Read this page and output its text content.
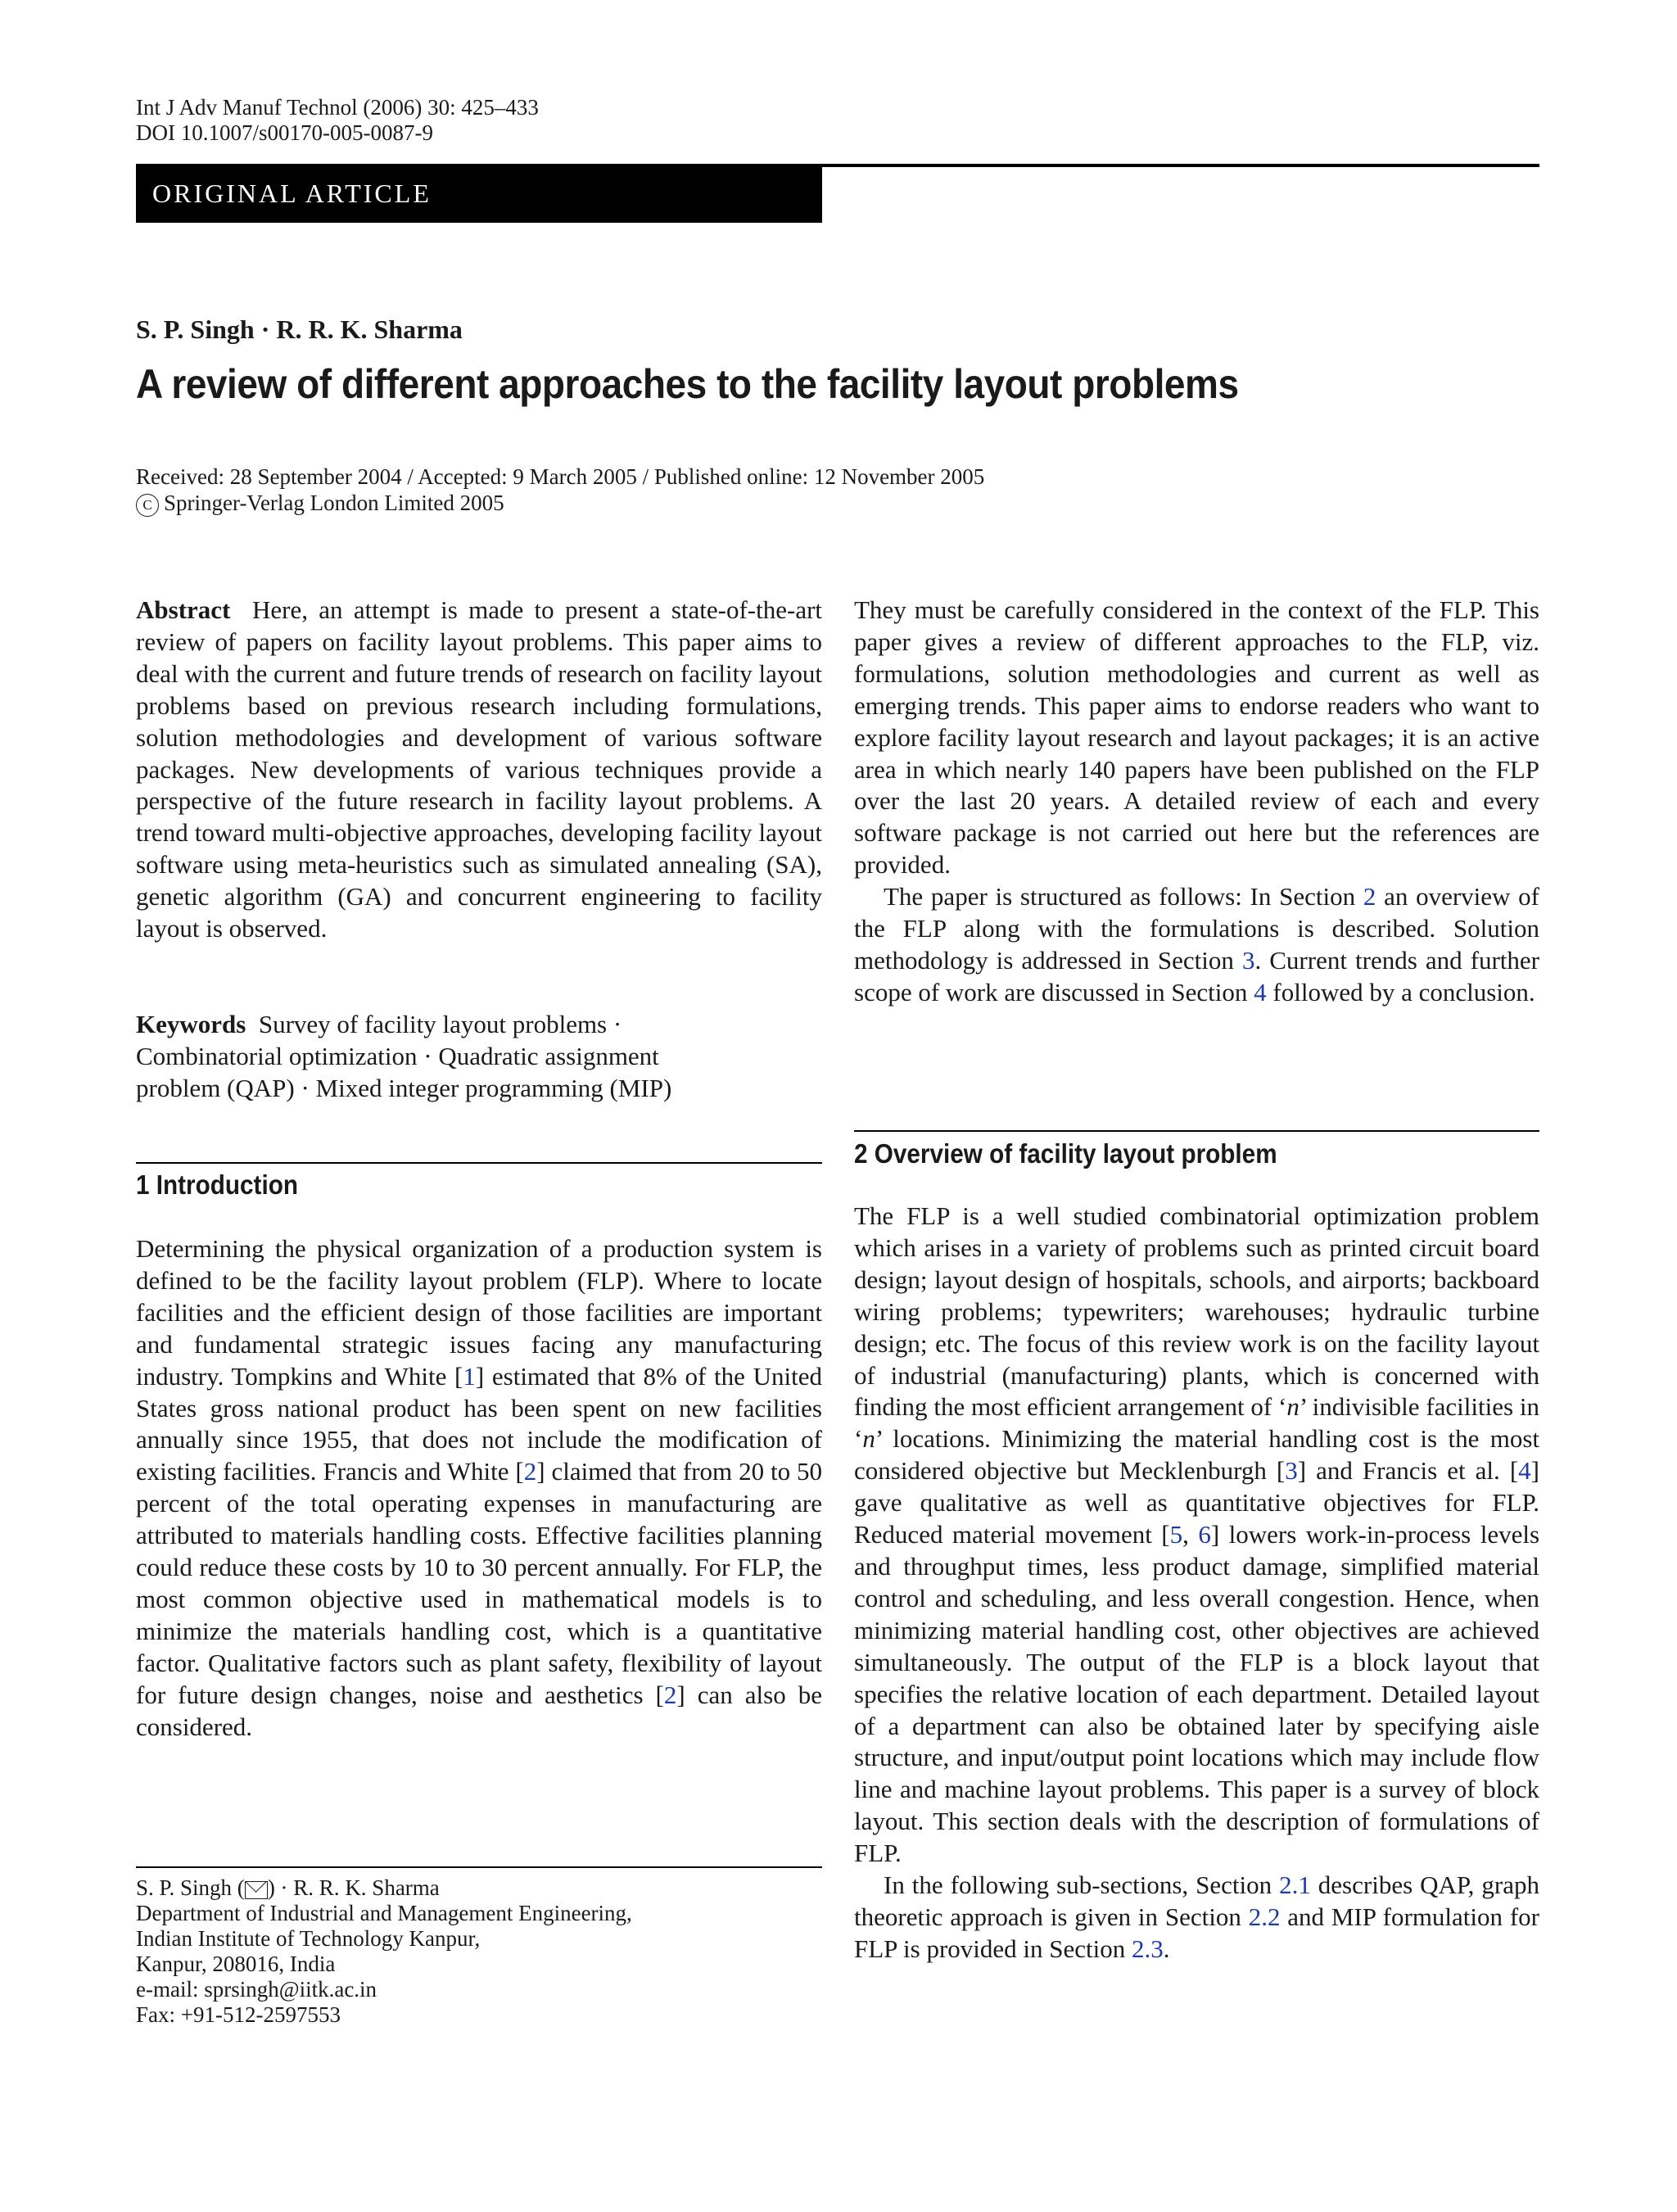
Int J Adv Manuf Technol (2006) 30: 425–433
DOI 10.1007/s00170-005-0087-9
ORIGINAL ARTICLE
S. P. Singh · R. R. K. Sharma
A review of different approaches to the facility layout problems
Received: 28 September 2004 / Accepted: 9 March 2005 / Published online: 12 November 2005
C Springer-Verlag London Limited 2005

Abstract Here, an attempt is made to present a state-of-the-art review of papers on facility layout problems. This paper aims to deal with the current and future trends of research on facility layout problems based on previous research including formulations, solution methodologies and development of various software packages. New developments of various techniques provide a perspective of the future research in facility layout problems. A trend toward multi-objective approaches, developing facility layout software using meta-heuristics such as simulated annealing (SA), genetic algorithm (GA) and concurrent engineering to facility layout is observed.

Keywords Survey of facility layout problems ·
Combinatorial optimization · Quadratic assignment
problem (QAP) · Mixed integer programming (MIP)
1 Introduction

Determining the physical organization of a production system is defined to be the facility layout problem (FLP). Where to locate facilities and the efficient design of those facilities are important and fundamental strategic issues facing any manufacturing industry. Tompkins and White [1] estimated that 8% of the United States gross national product has been spent on new facilities annually since 1955, that does not include the modification of existing facilities. Francis and White [2] claimed that from 20 to 50 percent of the total operating expenses in manufacturing are attributed to materials handling costs. Effective facilities planning could reduce these costs by 10 to 30 percent annually. For FLP, the most common objective used in mathematical models is to minimize the materials handling cost, which is a quantitative factor. Qualitative factors such as plant safety, flexibility of layout for future design changes, noise and aesthetics [2] can also be considered.

S. P. Singh ( ) · R. R. K. Sharma
Department of Industrial and Management Engineering,
Indian Institute of Technology Kanpur,
Kanpur, 208016, India
e-mail: sprsingh@iitk.ac.in
Fax: +91-512-2597553

They must be carefully considered in the context of the FLP. This paper gives a review of different approaches to the FLP, viz. formulations, solution methodologies and current as well as emerging trends. This paper aims to endorse readers who want to explore facility layout research and layout packages; it is an active area in which nearly 140 papers have been published on the FLP over the last 20 years. A detailed review of each and every software package is not carried out here but the references are provided.

The paper is structured as follows: In Section 2 an overview of the FLP along with the formulations is described. Solution methodology is addressed in Section 3. Current trends and further scope of work are discussed in Section 4 followed by a conclusion.

2 Overview of facility layout problem

The FLP is a well studied combinatorial optimization problem which arises in a variety of problems such as printed circuit board design; layout design of hospitals, schools, and airports; backboard wiring problems; typewriters; warehouses; hydraulic turbine design; etc. The focus of this review work is on the facility layout of industrial (manufacturing) plants, which is concerned with finding the most efficient arrangement of ‘n’ indivisible facilities in ‘n’ locations. Minimizing the material handling cost is the most considered objective but Mecklenburgh [3] and Francis et al. [4] gave qualitative as well as quantitative objectives for FLP. Reduced material movement [5, 6] lowers work-in-process levels and throughput times, less product damage, simplified material control and scheduling, and less overall congestion. Hence, when minimizing material handling cost, other objectives are achieved simultaneously. The output of the FLP is a block layout that specifies the relative location of each department. Detailed layout of a department can also be obtained later by specifying aisle structure, and input/output point locations which may include flow line and machine layout problems. This paper is a survey of block layout. This section deals with the description of formulations of FLP.

In the following sub-sections, Section 2.1 describes QAP, graph theoretic approach is given in Section 2.2 and MIP formulation for FLP is provided in Section 2.3.
